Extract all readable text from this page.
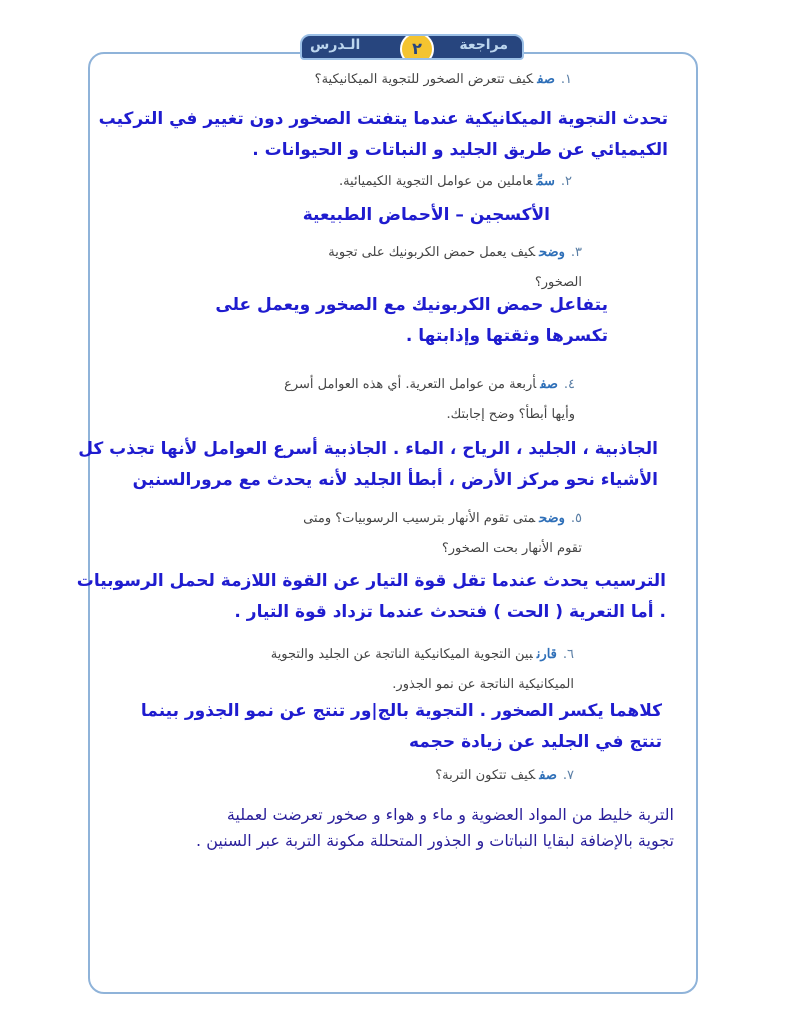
مراجعة
٢
الـدرس
١.صفكيف تتعرض الصخور للتجوية الميكانيكية؟
تحدث التجوية الميكانيكية عندما يتفتت الصخور دون تغيير في التركيب
الكيميائي عن طريق الجليد و النباتات و الحيوانات .
٢.سمِّعاملين من عوامل التجوية الكيميائية.
الأكسجين – الأحماض الطبيعية
٣.وضحكيف يعمل حمض الكربونيك على تجوية
الصخور؟
يتفاعل حمض الكربونيك مع الصخور ويعمل على
تكسرها وثقتها وإذابتها .
٤.صفأربعة من عوامل التعرية. أي هذه العوامل أسرع
وأيها أبطأ؟ وضح إجابتك.
الجاذبية ، الجليد ، الرياح ، الماء . الجاذبية أسرع العوامل لأنها تجذب كل
الأشياء نحو مركز الأرض ، أبطأ الجليد لأنه يحدث مع مرورالسنين
٥.وضحمتى تقوم الأنهار بترسيب الرسوبيات؟ ومتى
تقوم الأنهار بحت الصخور؟
الترسيب يحدث عندما تقل قوة التيار عن القوة اللازمة لحمل الرسوبيات
. أما التعرية ( الحت ) فتحدث عندما تزداد قوة التيار .
٦.قارنبين التجوية الميكانيكية الناتجة عن الجليد والتجوية
الميكانيكية الناتجة عن نمو الجذور.
كلاهما يكسر الصخور . التجوية بالج|ور تنتج عن نمو الجذور بينما
تنتج في الجليد عن زيادة حجمه
٧.صفكيف تتكون التربة؟
التربة خليط من المواد العضوية و ماء و هواء و صخور تعرضت لعملية
تجوية بالإضافة لبقايا النباتات و الجذور المتحللة مكونة التربة عبر السنين .
